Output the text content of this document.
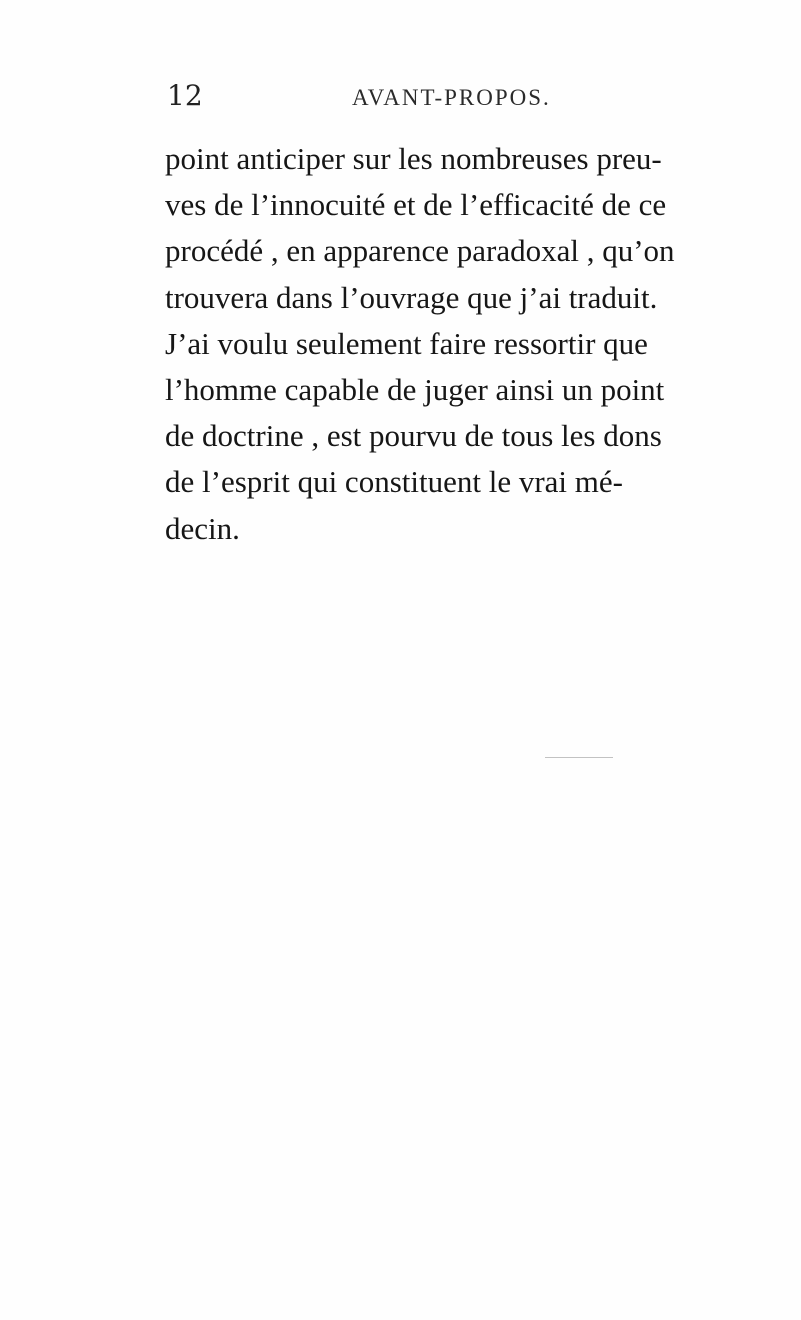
12	AVANT-PROPOS.
point anticiper sur les nombreuses preu-
ves de l’innocuité et de l’efficacité de ce
procédé , en apparence paradoxal , qu’on
trouvera dans l’ouvrage que j’ai traduit.
J’ai voulu seulement faire ressortir que
l’homme capable de juger ainsi un point
de doctrine , est pourvu de tous les dons
de l’esprit qui constituent le vrai mé-
decin.
